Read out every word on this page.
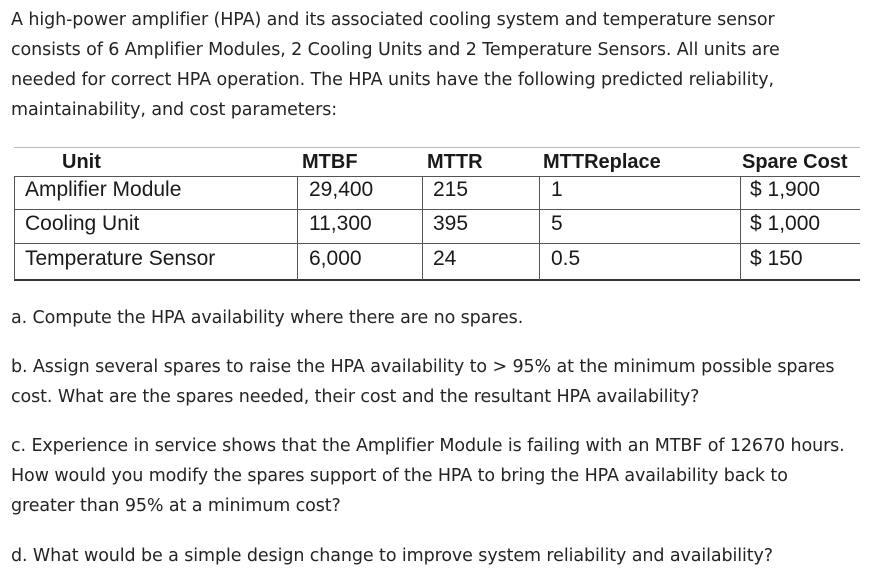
A high-power amplifier (HPA) and its associated cooling system and temperature sensor
consists of 6 Amplifier Modules, 2 Cooling Units and 2 Temperature Sensors. All units are
needed for correct HPA operation. The HPA units have the following predicted reliability,
maintainability, and cost parameters:
Unit	MTBF	MTTR	MTTReplace	Spare Cost
Amplifier Module	29,400	215	1	$ 1,900
Cooling Unit	11,300	395	5	$ 1,000
Temperature Sensor	6,000	24	0.5	$ 150
a. Compute the HPA availability where there are no spares.
b. Assign several spares to raise the HPA availability to > 95% at the minimum possible spares
cost. What are the spares needed, their cost and the resultant HPA availability?
c. Experience in service shows that the Amplifier Module is failing with an MTBF of 12670 hours.
How would you modify the spares support of the HPA to bring the HPA availability back to
greater than 95% at a minimum cost?
d. What would be a simple design change to improve system reliability and availability?
